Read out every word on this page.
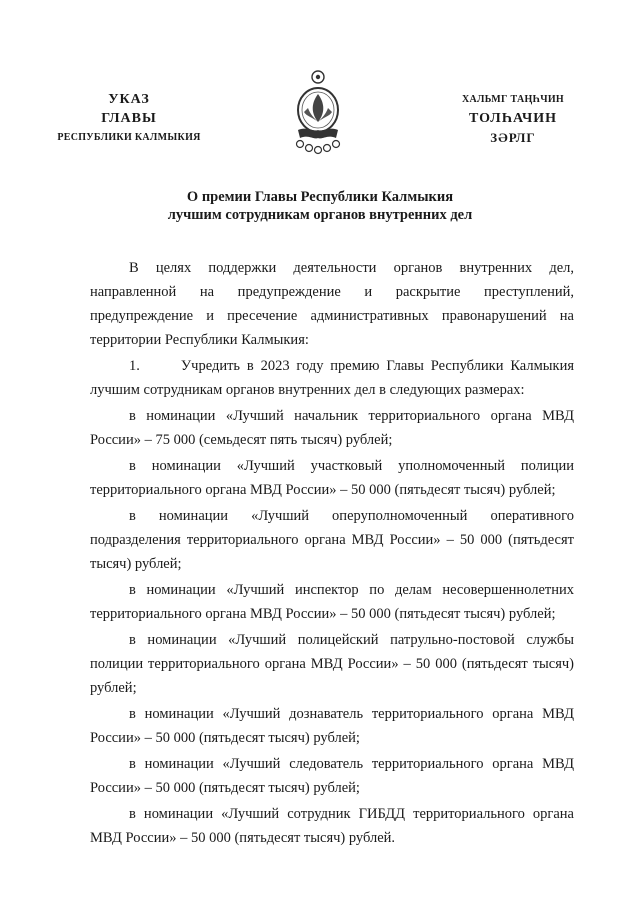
УКАЗ
ГЛАВЫ
РЕСПУБЛИКИ КАЛМЫКИЯ
ХАЛЬМГ ТАҢҺЧИН
ТОЛҺАЧИН
ЗӘРЛГ
О премии Главы Республики Калмыкия
лучшим сотрудникам органов внутренних дел

В целях поддержки деятельности органов внутренних дел, направленной на предупреждение и раскрытие преступлений, предупреждение и пресечение административных правонарушений на территории Республики Калмыкия:

1.      Учредить в 2023 году премию Главы Республики Калмыкия лучшим сотрудникам органов внутренних дел в следующих размерах:

в номинации «Лучший начальник территориального органа МВД России» – 75 000 (семьдесят пять тысяч) рублей;

в номинации «Лучший участковый уполномоченный полиции территориального органа МВД России» – 50 000 (пятьдесят тысяч) рублей;

в номинации «Лучший оперуполномоченный оперативного подразделения территориального органа МВД России» – 50 000 (пятьдесят тысяч) рублей;

в номинации «Лучший инспектор по делам несовершеннолетних территориального органа МВД России» – 50 000 (пятьдесят тысяч) рублей;

в номинации «Лучший полицейский патрульно-постовой службы полиции территориального органа МВД России» – 50 000 (пятьдесят тысяч) рублей;

в номинации «Лучший дознаватель территориального органа МВД России» – 50 000 (пятьдесят тысяч) рублей;

в номинации «Лучший следователь территориального органа МВД России» – 50 000 (пятьдесят тысяч) рублей;

в номинации «Лучший сотрудник ГИБДД территориального органа МВД России» – 50 000 (пятьдесят тысяч) рублей.
